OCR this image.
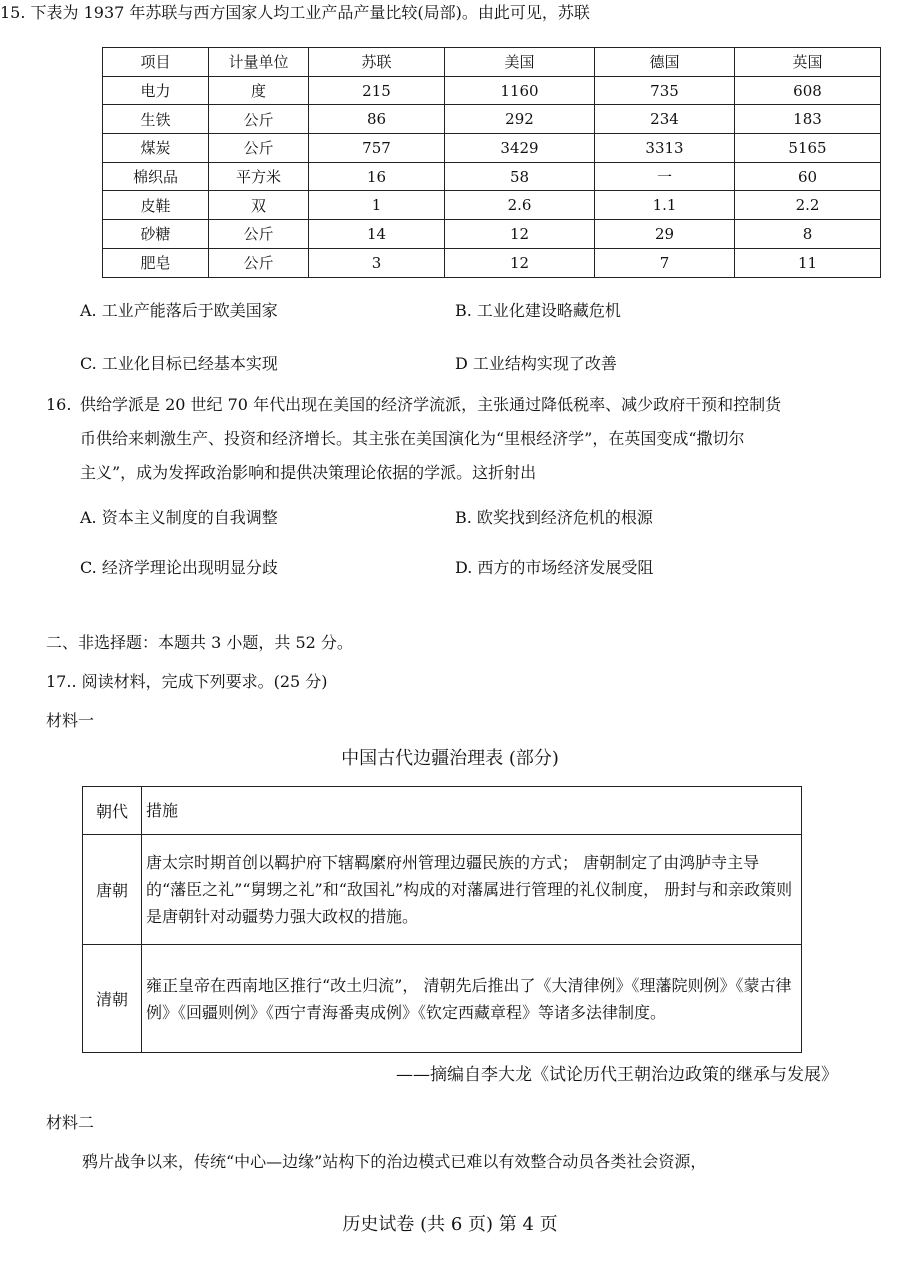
15. 下表为 1937 年苏联与西方国家人均工业产品产量比较(局部)。由此可见，苏联
项目	计量单位	苏联	美国	德国	英国
电力	度	215	1160	735	608
生铁	公斤	86	292	234	183
煤炭	公斤	757	3429	3313	5165
棉织品	平方米	16	58	一	60
皮鞋	双	1	2.6	1.1	2.2
砂糖	公斤	14	12	29	8
肥皂	公斤	3	12	7	11
A. 工业产能落后于欧美国家	B. 工业化建设略藏危机
C. 工业化目标已经基本实现	D 工业结构实现了改善
16. 供给学派是 20 世纪 70 年代出现在美国的经济学流派，主张通过降低税率、减少政府干预和控制货
币供给来刺激生产、投资和经济增长。其主张在美国演化为“里根经济学”，在英国变成“撒切尔
主义”，成为发挥政治影响和提供决策理论依据的学派。这折射出
A. 资本主义制度的自我调整	B. 欧奖找到经济危机的根源
C. 经济学理论出现明显分歧	D. 西方的市场经济发展受阻
二、非选择题：本题共 3 小题，共 52 分。
17.. 阅读材料，完成下列要求。(25 分)
材料一
中国古代边疆治理表 (部分)
朝代	措施
唐朝	唐太宗时期首创以羁护府下辖羁縻府州管理边疆民族的方式； 唐朝制定了由鸿胪寺主导的“藩臣之礼”“舅甥之礼”和“敌国礼”构成的对藩属进行管理的礼仪制度， 册封与和亲政策则是唐朝针对动疆势力强大政权的措施。
清朝	雍正皇帝在西南地区推行“改土归流”， 清朝先后推出了《大清律例》《理藩院则例》《蒙古律例》《回疆则例》《西宁青海番夷成例》《钦定西藏章程》等诸多法律制度。
——摘编自李大龙《试论历代王朝治边政策的继承与发展》
材料二
鸦片战争以来，传统“中心—边缘”站构下的治边模式已难以有效整合动员各类社会资源，
历史试卷 (共 6 页) 第 4 页
